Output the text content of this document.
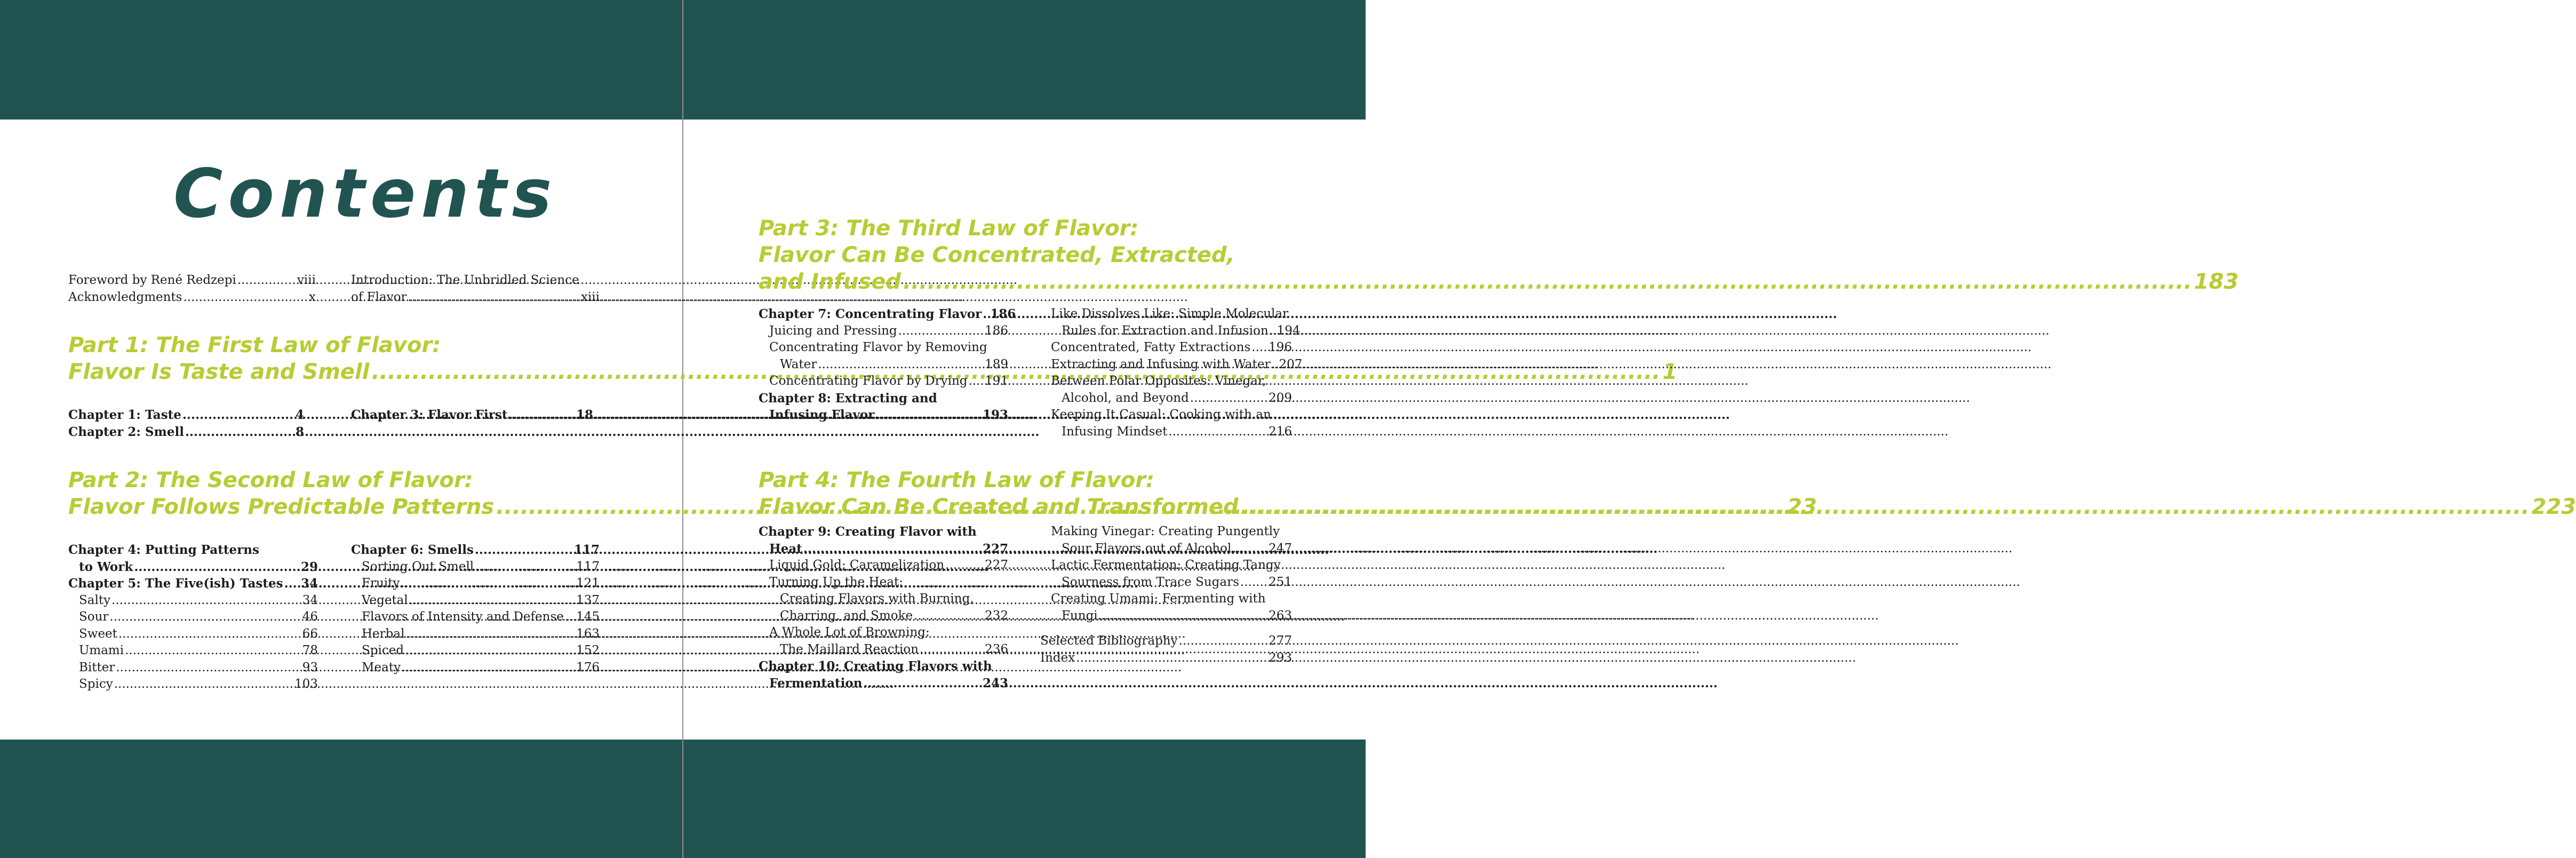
Contents
Foreword by René Redzepi .....	viii
Acknowledgments .....	x
Introduction: The Unbridled Science
of Flavor .....	xiii
Part 1: The First Law of Flavor:
Flavor Is Taste and Smell .....	1
Chapter 1: Taste .....	4
Chapter 2: Smell .....	8
Chapter 3: Flavor First .....	18
Part 2: The Second Law of Flavor:
Flavor Follows Predictable Patterns .....	23
Chapter 4: Putting Patterns
to Work .....	29
Chapter 5: The Five(ish) Tastes ..... 34
Salty .....	34
Sour .....	46
Sweet .....	66
Umami .....	78
Bitter .....	93
Spicy .....	103
Chapter 6: Smells .....	117
Sorting Out Smell .....	117
Fruity .....	121
Vegetal .....	137
Flavors of Intensity and Defense ..... 145
Herbal .....	163
Spiced .....	152
Meaty .....	176
Part 3: The Third Law of Flavor:
Flavor Can Be Concentrated, Extracted,
and Infused .....	183
Chapter 7: Concentrating Flavor ..... 186
Juicing and Pressing .....	186
Concentrating Flavor by Removing
Water .....	189
Concentrating Flavor by Drying ..... 191
Chapter 8: Extracting and
Infusing Flavor .....	193
Like Dissolves Like: Simple Molecular
Rules for Extraction and Infusion ..... 194
Concentrated, Fatty Extractions ..... 196
Extracting and Infusing with Water ..... 207
Between Polar Opposites: Vinegar,
Alcohol, and Beyond .....	209
Keeping It Casual: Cooking with an
Infusing Mindset .....	216
Part 4: The Fourth Law of Flavor:
Flavor Can Be Created and Transformed .....	223
Chapter 9: Creating Flavor with
Heat .....	227
Liquid Gold: Caramelization .....	227
Turning Up the Heat:
Creating Flavors with Burning,
Charring, and Smoke .....	232
A Whole Lot of Browning:
The Maillard Reaction .....	236
Chapter 10: Creating Flavors with
Fermentation .....	243
Making Vinegar: Creating Pungently
Sour Flavors out of Alcohol .....	247
Lactic Fermentation: Creating Tangy
Sourness from Trace Sugars ..... 251
Creating Umami: Fermenting with
Fungi .....	263
Selected Bibliography .....	277
Index .....	293
